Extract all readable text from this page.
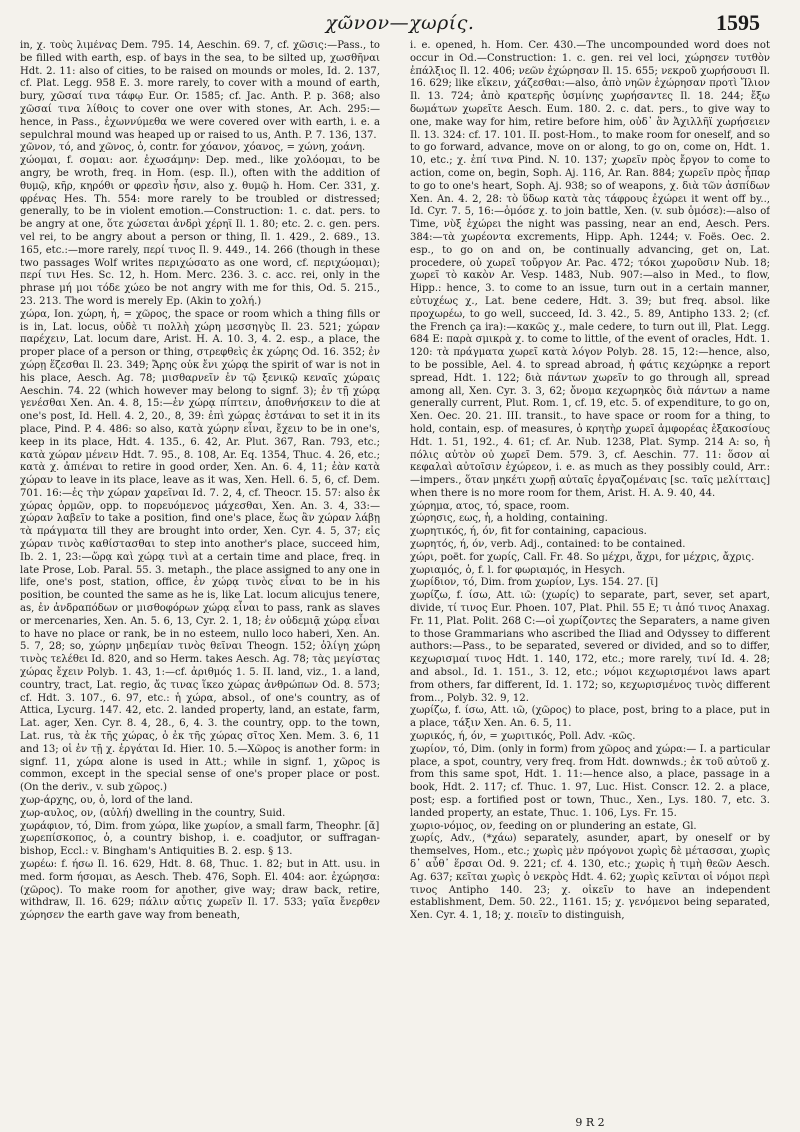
χῶνον—χωρίς.	1595

in, χ. τοὺς λιμένας Dem. 795. 14, Aeschin. 69. 7, cf. χῶσις:—Pass., to be filled with earth, esp. of bays in the sea, to be silted up, χωσθῆναι Hdt. 2. 11: also of cities, to be raised on mounds or moles, Id. 2. 137, cf. Plat. Legg. 958 E. 3. more rarely, to cover with a mound of earth, bury, χῶσαί τινα τάφῳ Eur. Or. 1585; cf. Jac. Anth. P. p. 368; also χῶσαί τινα λίθοις to cover one over with stones, Ar. Ach. 295:—hence, in Pass., ἐχωννύμεθα we were covered over with earth, i. e. a sepulchral mound was heaped up or raised to us, Anth. P. 7. 136, 137.

χῶνον, τό, and χῶνος, ὁ, contr. for χόανον, χόανος, = χώνη, χοάνη.

χώομαι, f. σομαι: aor. ἐχωσάμην: Dep. med., like χολόομαι, to be angry, be wroth, freq. in Hom. (esp. Il.), often with the addition of θυμῷ, κῆρ, κηρόθι or φρεσὶν ἧσιν, also χ. θυμῷ h. Hom. Cer. 331, χ. φρένας Hes. Th. 554: more rarely to be troubled or distressed; generally, to be in violent emotion.—Construction: 1. c. dat. pers. to be angry at one, ὅτε χώσεται ἀνδρὶ χέρηϊ Il. 1. 80; etc. 2. c. gen. pers. vel rei, to be angry about a person or thing, Il. 1. 429., 2. 689., 13. 165, etc.:—more rarely, περί τινος Il. 9. 449., 14. 266 (though in these two passages Wolf writes περιχώσατο as one word, cf. περιχώομαι); περί τινι Hes. Sc. 12, h. Hom. Merc. 236. 3. c. acc. rei, only in the phrase μή μοι τόδε χώεο be not angry with me for this, Od. 5. 215., 23. 213. The word is merely Ep. (Akin to χολή.)

χώρα, Ion. χώρη, ἡ, = χῶρος, the space or room which a thing fills or is in, Lat. locus, οὐδὲ τι πολλὴ χώρη μεσσηγὺς Il. 23. 521; χώραν παρέχειν, Lat. locum dare, Arist. H. A. 10. 3, 4. 2. esp., a place, the proper place of a person or thing, στρεφθεὶς ἐκ χώρης Od. 16. 352; ἐν χώρῃ ἕζεσθαι Il. 23. 349; Ἄρης οὐκ ἔνι χώρᾳ the spirit of war is not in his place, Aesch. Ag. 78; μισθαρνεῖν ἐν τῷ ξενικῷ κεναῖς χώραις Aeschin. 74. 22 (which however may belong to signf. 3); ἐν τῇ χώρᾳ γενέσθαι Xen. An. 4. 8, 15:—ἐν χώρᾳ πίπτειν, ἀποθνήσκειν to die at one's post, Id. Hell. 4. 2, 20., 8, 39: ἐπὶ χώρας ἑστάναι to set it in its place, Pind. P. 4. 486: so also, κατὰ χώρην εἶναι, ἔχειν to be in one's, keep in its place, Hdt. 4. 135., 6. 42, Ar. Plut. 367, Ran. 793, etc.; κατὰ χώραν μένειν Hdt. 7. 95., 8. 108, Ar. Eq. 1354, Thuc. 4. 26, etc.; κατὰ χ. ἀπιέναι to retire in good order, Xen. An. 6. 4, 11; ἐὰν κατὰ χώραν to leave in its place, leave as it was, Xen. Hell. 6. 5, 6, cf. Dem. 701. 16:—ἐς τὴν χώραν χαρεῖναι Id. 7. 2, 4, cf. Theocr. 15. 57: also ἐκ χώρας ὁρμῶν, opp. to πορευόμενος μάχεσθαι, Xen. An. 3. 4, 33:—χώραν λαβεῖν to take a position, find one's place, ἕως ἂν χώραν λάβῃ τὰ πράγματα till they are brought into order, Xen. Cyr. 4. 5, 37; εἰς χώραν τινὸς καθίστασθαι to step into another's place, succeed him, Ib. 2. 1, 23:—ὥρᾳ καὶ χώρᾳ τινὶ at a certain time and place, freq. in late Prose, Lob. Paral. 55. 3. metaph., the place assigned to any one in life, one's post, station, office, ἐν χώρᾳ τινὸς εἶναι to be in his position, be counted the same as he is, like Lat. locum alicujus tenere, as, ἐν ἀνδραπόδων or μισθοφόρων χώρᾳ εἶναι to pass, rank as slaves or mercenaries, Xen. An. 5. 6, 13, Cyr. 2. 1, 18; ἐν οὐδεμιᾷ χώρᾳ εἶναι to have no place or rank, be in no esteem, nullo loco haberi, Xen. An. 5. 7, 28; so, χώρην μηδεμίαν τινὸς θεῖναι Theogn. 152; ὀλίγη χώρη τινὸς τελέθει Id. 820, and so Herm. takes Aesch. Ag. 78; τὰς μεγίστας χώρας ἔχειν Polyb. 1. 43, 1:—cf. ἀριθμός 1. 5. II. land, viz., 1. a land, country, tract, Lat. regio, ἄς τινας ἵκεο χώρας ἀνθρώπων Od. 8. 573; cf. Hdt. 3. 107., 6. 97, etc.: ἡ χώρα, absol., of one's country, as of Attica, Lycurg. 147. 42, etc. 2. landed property, land, an estate, farm, Lat. ager, Xen. Cyr. 8. 4, 28., 6, 4. 3. the country, opp. to the town, Lat. rus, τὰ ἐκ τῆς χώρας, ὁ ἐκ τῆς χώρας σῖτος Xen. Mem. 3. 6, 11 and 13; οἱ ἐν τῇ χ. ἐργάται Id. Hier. 10. 5.—Χῶρος is another form: in signf. 11, χώρα alone is used in Att.; while in signf. 1, χῶρος is common, except in the special sense of one's proper place or post. (On the deriv., v. sub χῶρος.)

χωρ-άρχης, ου, ὁ, lord of the land.

χωρ-αυλος, ον, (αὐλή) dwelling in the country, Suid.

χωράφιον, τό, Dim. from χώρα, like χωρίον, a small farm, Theophr. [ᾰ]

χωρεπίσκοπος, ὁ, a country bishop, i. e. coadjutor, or suffragan-bishop, Eccl.: v. Bingham's Antiquities B. 2. esp. § 13.

χωρέω: f. ήσω Il. 16. 629, Hdt. 8. 68, Thuc. 1. 82; but in Att. usu. in med. form ήσομαι, as Aesch. Theb. 476, Soph. El. 404: aor. ἐχώρησα: (χῶρος). To make room for another, give way; draw back, retire, withdraw, Il. 16. 629; πάλιν αὖτις χωρεῖν Il. 17. 533; γαῖα ἔνερθεν χώρησεν the earth gave way from beneath,

i. e. opened, h. Hom. Cer. 430.—The uncompounded word does not occur in Od.—Construction: 1. c. gen. rei vel loci, χώρησεν τυτθὸν ἐπάλξιος Il. 12. 406; νεῶν ἐχώρησαν Il. 15. 655; νεκροῦ χωρήσουσι Il. 16. 629; like εἴκειν, χάζεσθαι:—also, ἀπὸ νηῶν ἐχώρησαν πρoτὶ Ἴλιον Il. 13. 724; ἀπὸ κρατερῆς ὑσμίνης χωρήσαντες Il. 18. 244; ἔξω δωμάτων χωρεῖτε Aesch. Eum. 180. 2. c. dat. pers., to give way to one, make way for him, retire before him, οὐδ᾽ ἂν Ἀχιλλῆϊ χωρήσειεν Il. 13. 324: cf. 17. 101. II. post-Hom., to make room for oneself, and so to go forward, advance, move on or along, to go on, come on, Hdt. 1. 10, etc.; χ. ἐπί τινα Pind. N. 10. 137; χωρεῖν πρὸς ἔργον to come to action, come on, begin, Soph. Aj. 116, Ar. Ran. 884; χωρεῖν πρὸς ἧπαρ to go to one's heart, Soph. Aj. 938; so of weapons, χ. διὰ τῶν ἀσπίδων Xen. An. 4. 2, 28: τὸ ὕδωρ κατὰ τὰς τάφρους ἐχώρει it went off by.., Id. Cyr. 7. 5, 16:—ὁμόσε χ. to join battle, Xen. (v. sub ὁμόσε):—also of Time, νὺξ ἐχώρει the night was passing, near an end, Aesch. Pers. 384:—τὰ χωρέοντα excrements, Hipp. Aph. 1244; v. Foës. Oec. 2. esp., to go on and on, be continually advancing, get on, Lat. procedere, οὐ χωρεῖ τοὔργον Ar. Pac. 472; τόκοι χωροῦσιν Nub. 18; χωρεῖ τὸ κακὸν Ar. Vesp. 1483, Nub. 907:—also in Med., to flow, Hipp.: hence, 3. to come to an issue, turn out in a certain manner, εὐτυχέως χ., Lat. bene cedere, Hdt. 3. 39; but freq. absol. like προχωρέω, to go well, succeed, Id. 3. 42., 5. 89, Antipho 133. 2; (cf. the French ça ira):—κακῶς χ., male cedere, to turn out ill, Plat. Legg. 684 E: παρὰ σμικρὰ χ. to come to little, of the event of oracles, Hdt. 1. 120: τὰ πράγματα χωρεῖ κατὰ λόγον Polyb. 28. 15, 12:—hence, also, to be possible, Ael. 4. to spread abroad, ἡ φάτις κεχώρηκε a report spread, Hdt. 1. 122; διὰ πάντων χωρεῖν to go through all, spread among all, Xen. Cyr. 3. 3, 62; ὄνομα κεχωρηκὸς διὰ πάντων a name generally current, Plut. Rom. 1, cf. 19, etc. 5. of expenditure, to go on, Xen. Oec. 20. 21. III. transit., to have space or room for a thing, to hold, contain, esp. of measures, ὁ κρητὴρ χωρεῖ ἀμφορέας ἑξακοσίους Hdt. 1. 51, 192., 4. 61; cf. Ar. Nub. 1238, Plat. Symp. 214 A: so, ἡ πόλις αὐτὸν οὐ χωρεῖ Dem. 579. 3, cf. Aeschin. 77. 11: ὅσον αἱ κεφαλαὶ αὐτοῖσιν ἐχώρεον, i. e. as much as they possibly could, Arr.:—impers., ὅταν μηκέτι χωρῇ αὐταῖς ἐργαζομέναις [sc. ταῖς μελίτταις] when there is no more room for them, Arist. H. A. 9. 40, 44.

χώρημα, ατος, τό, space, room.

χώρησις, εως, ἡ, a holding, containing.

χωρητικός, ή, όν, fit for containing, capacious.

χωρητός, ή, όν, verb. Adj., contained: to be contained.

χώρι, poët. for χωρίς, Call. Fr. 48. So μέχρι, ἄχρι, for μέχρις, ἄχρις.

χωριαμός, ὁ, f. l. for φωριαμός, in Hesych.

χωρίδιον, τό, Dim. from χωρίον, Lys. 154. 27. [ῐ]

χωρίζω, f. ίσω, Att. ιῶ: (χωρίς) to separate, part, sever, set apart, divide, τί τινος Eur. Phoen. 107, Plat. Phil. 55 E; τι ἀπό τινος Anaxag. Fr. 11, Plat. Polit. 268 C:—οἱ χωρίζοντες the Separaters, a name given to those Grammarians who ascribed the Iliad and Odyssey to different authors:—Pass., to be separated, severed or divided, and so to differ, κεχωρισμαί τινος Hdt. 1. 140, 172, etc.; more rarely, τινί Id. 4. 28; and absol., Id. 1. 151., 3. 12, etc.; νόμοι κεχωρισμένοι laws apart from others, far different, Id. 1. 172; so, κεχωρισμένος τινὸς different from.., Polyb. 32. 9, 12.

χωρίζω, f. ίσω, Att. ιῶ, (χῶρος) to place, post, bring to a place, put in a place, τάξιν Xen. An. 6. 5, 11.

χωρικός, ή, όν, = χωριτικός, Poll. Adv. -κῶς.

χωρίον, τό, Dim. (only in form) from χῶρος and χώρα:— I. a particular place, a spot, country, very freq. from Hdt. downwds.; ἐκ τοῦ αὐτοῦ χ. from this same spot, Hdt. 1. 11:—hence also, a place, passage in a book, Hdt. 2. 117; cf. Thuc. 1. 97, Luc. Hist. Conscr. 12. 2. a place, post; esp. a fortified post or town, Thuc., Xen., Lys. 180. 7, etc. 3. landed property, an estate, Thuc. 1. 106, Lys. Fr. 15.

χωριο-νόμος, ον, feeding on or plundering an estate, Gl.

χωρίς, Adv., (*χάω) separately, asunder, apart, by oneself or by themselves, Hom., etc.; χωρὶς μὲν πρόγονοι χωρὶς δὲ μέτασσαι, χωρὶς δ᾽ αὖθ᾽ ἕρσαι Od. 9. 221; cf. 4. 130, etc.; χωρὶς ἡ τιμὴ θεῶν Aesch. Ag. 637; κεῖται χωρὶς ὁ νεκρὸς Hdt. 4. 62; χωρὶς κεῖνται οἱ νόμοι περὶ τινος Antipho 140. 23; χ. οἰκεῖν to have an independent establishment, Dem. 50. 22., 1161. 15; χ. γενόμενοι being separated, Xen. Cyr. 4. 1, 18; χ. ποιεῖν to distinguish,

9 R 2
